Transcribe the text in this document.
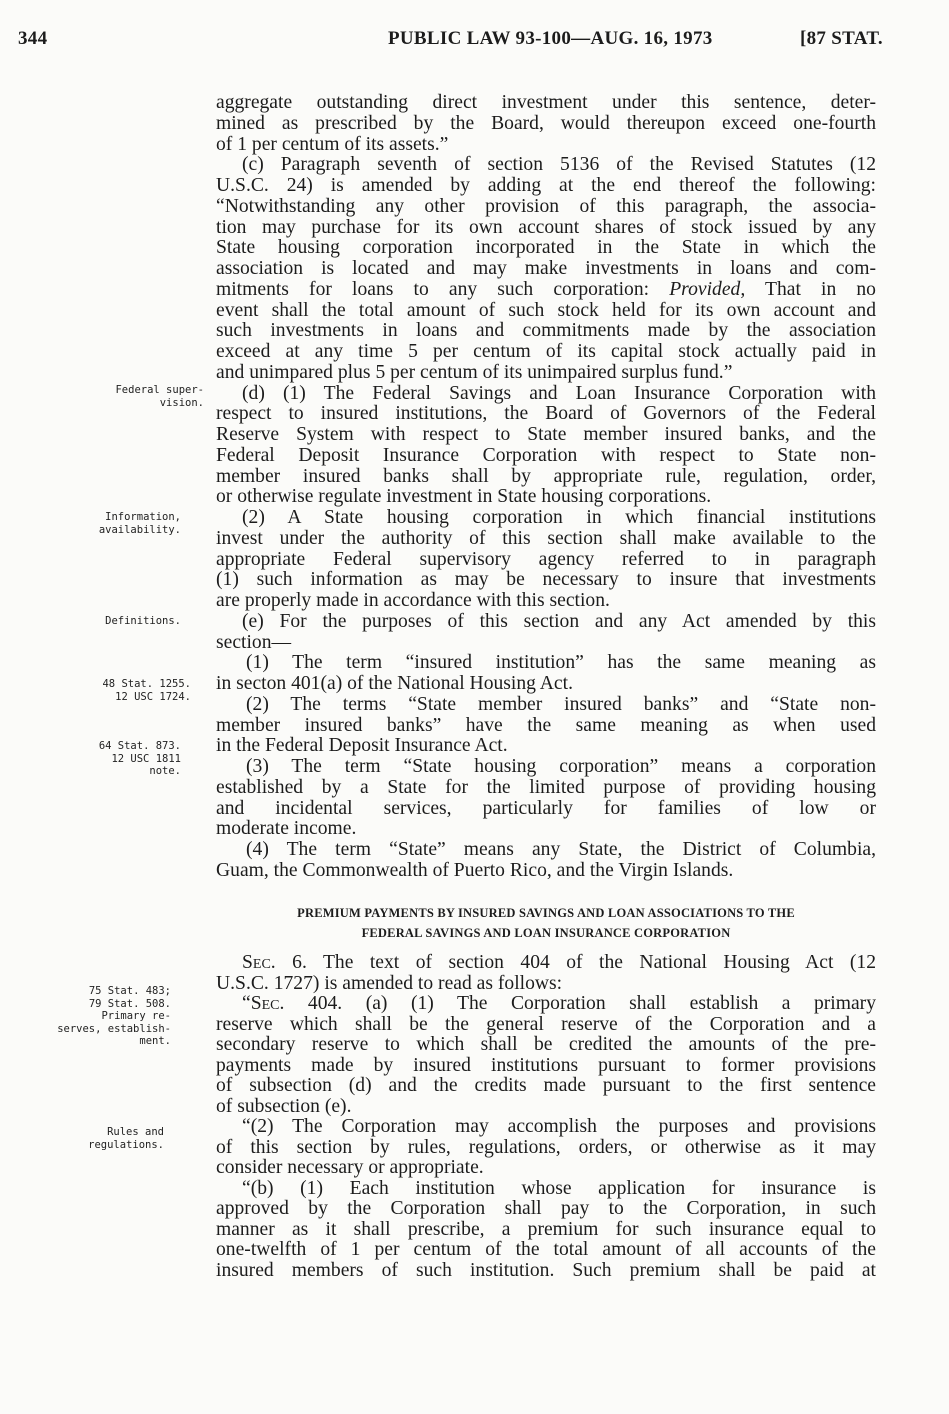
344	PUBLIC LAW 93-100—AUG. 16, 1973	[87 STAT.
aggregate outstanding direct investment under this sentence, deter-
mined as prescribed by the Board, would thereupon exceed one-fourth
of 1 per centum of its assets.”
(c) Paragraph seventh of section 5136 of the Revised Statutes (12
U.S.C. 24) is amended by adding at the end thereof the following:
“Notwithstanding any other provision of this paragraph, the associa-
tion may purchase for its own account shares of stock issued by any
State housing corporation incorporated in the State in which the
association is located and may make investments in loans and com-
mitments for loans to any such corporation: Provided, That in no
event shall the total amount of such stock held for its own account and
such investments in loans and commitments made by the association
exceed at any time 5 per centum of its capital stock actually paid in
and unimpared plus 5 per centum of its unimpaired surplus fund.”
(d) (1) The Federal Savings and Loan Insurance Corporation with
respect to insured institutions, the Board of Governors of the Federal
Reserve System with respect to State member insured banks, and the
Federal Deposit Insurance Corporation with respect to State non-
member insured banks shall by appropriate rule, regulation, order,
or otherwise regulate investment in State housing corporations.
(2) A State housing corporation in which financial institutions
invest under the authority of this section shall make available to the
appropriate Federal supervisory agency referred to in paragraph
(1) such information as may be necessary to insure that investments
are properly made in accordance with this section.
(e) For the purposes of this section and any Act amended by this
section—
(1) The term “insured institution” has the same meaning as
in secton 401(a) of the National Housing Act.
(2) The terms “State member insured banks” and “State non-
member insured banks” have the same meaning as when used
in the Federal Deposit Insurance Act.
(3) The term “State housing corporation” means a corporation
established by a State for the limited purpose of providing housing
and incidental services, particularly for families of low or
moderate income.
(4) The term “State” means any State, the District of Columbia,
Guam, the Commonwealth of Puerto Rico, and the Virgin Islands.
PREMIUM PAYMENTS BY INSURED SAVINGS AND LOAN ASSOCIATIONS TO THE
FEDERAL SAVINGS AND LOAN INSURANCE CORPORATION
Sec. 6. The text of section 404 of the National Housing Act (12
U.S.C. 1727) is amended to read as follows:
“Sec. 404. (a) (1) The Corporation shall establish a primary
reserve which shall be the general reserve of the Corporation and a
secondary reserve to which shall be credited the amounts of the pre-
payments made by insured institutions pursuant to former provisions
of subsection (d) and the credits made pursuant to the first sentence
of subsection (e).
“(2) The Corporation may accomplish the purposes and provisions
of this section by rules, regulations, orders, or otherwise as it may
consider necessary or appropriate.
“(b) (1) Each institution whose application for insurance is
approved by the Corporation shall pay to the Corporation, in such
manner as it shall prescribe, a premium for such insurance equal to
one-twelfth of 1 per centum of the total amount of all accounts of the
insured members of such institution. Such premium shall be paid at
Federal super-
vision.
Information,
availability.
Definitions.
48 Stat. 1255.
12 USC 1724.
64 Stat. 873.
12 USC 1811
note.
75 Stat. 483;
79 Stat. 508.
Primary re-
serves, establish-
ment.
Rules and
regulations.
